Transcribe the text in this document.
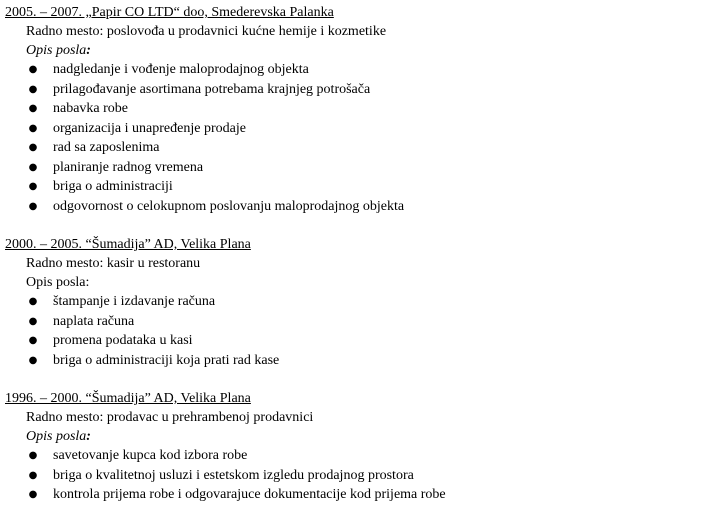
2005. – 2007. „Papir CO LTD“ doo, Smederevska Palanka
Radno mesto: poslovođa u prodavnici kućne hemije i kozmetike
Opis posla:
● nadgledanje i vođenje maloprodajnog objekta
● prilagođavanje asortimana potrebama krajnjeg potrošača
● nabavka robe
● organizacija i unapređenje prodaje
● rad sa zaposlenima
● planiranje radnog vremena
● briga o administraciji
● odgovornost o celokupnom poslovanju maloprodajnog objekta
2000. – 2005. “Šumadija” AD, Velika Plana
Radno mesto: kasir u restoranu
Opis posla:
● štampanje i izdavanje računa
● naplata računa
● promena podataka u kasi
● briga o administraciji koja prati rad kase
1996. – 2000. “Šumadija” AD, Velika Plana
Radno mesto: prodavac u prehrambenoj prodavnici
Opis posla:
● savetovanje kupca kod izbora robe
● briga o kvalitetnoj usluzi i estetskom izgledu prodajnog prostora
● kontrola prijema robe i odgovarajuce dokumentacije kod prijema robe
